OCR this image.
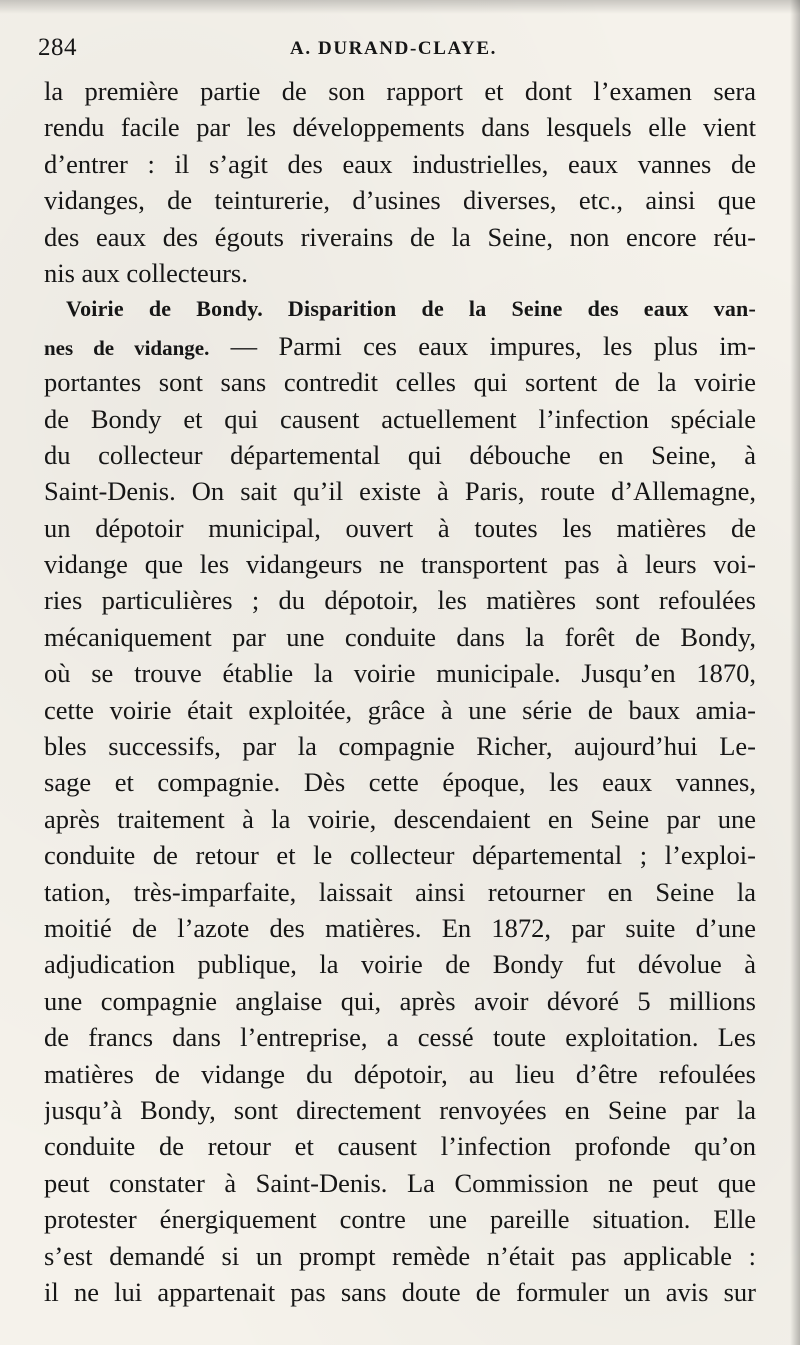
284	A. DURAND-CLAYE.
la première partie de son rapport et dont l’examen sera
rendu facile par les développements dans lesquels elle vient
d’entrer : il s’agit des eaux industrielles, eaux vannes de
vidanges, de teinturerie, d’usines diverses, etc., ainsi que
des eaux des égouts riverains de la Seine, non encore réu-
nis aux collecteurs.
Voirie de Bondy. Disparition de la Seine des eaux van-
nes de vidange. — Parmi ces eaux impures, les plus im-
portantes sont sans contredit celles qui sortent de la voirie
de Bondy et qui causent actuellement l’infection spéciale
du collecteur départemental qui débouche en Seine, à
Saint-Denis. On sait qu’il existe à Paris, route d’Allemagne,
un dépotoir municipal, ouvert à toutes les matières de
vidange que les vidangeurs ne transportent pas à leurs voi-
ries particulières ; du dépotoir, les matières sont refoulées
mécaniquement par une conduite dans la forêt de Bondy,
où se trouve établie la voirie municipale. Jusqu’en 1870,
cette voirie était exploitée, grâce à une série de baux amia-
bles successifs, par la compagnie Richer, aujourd’hui Le-
sage et compagnie. Dès cette époque, les eaux vannes,
après traitement à la voirie, descendaient en Seine par une
conduite de retour et le collecteur départemental ; l’exploi-
tation, très-imparfaite, laissait ainsi retourner en Seine la
moitié de l’azote des matières. En 1872, par suite d’une
adjudication publique, la voirie de Bondy fut dévolue à
une compagnie anglaise qui, après avoir dévoré 5 millions
de francs dans l’entreprise, a cessé toute exploitation. Les
matières de vidange du dépotoir, au lieu d’être refoulées
jusqu’à Bondy, sont directement renvoyées en Seine par la
conduite de retour et causent l’infection profonde qu’on
peut constater à Saint-Denis. La Commission ne peut que
protester énergiquement contre une pareille situation. Elle
s’est demandé si un prompt remède n’était pas applicable :
il ne lui appartenait pas sans doute de formuler un avis sur
